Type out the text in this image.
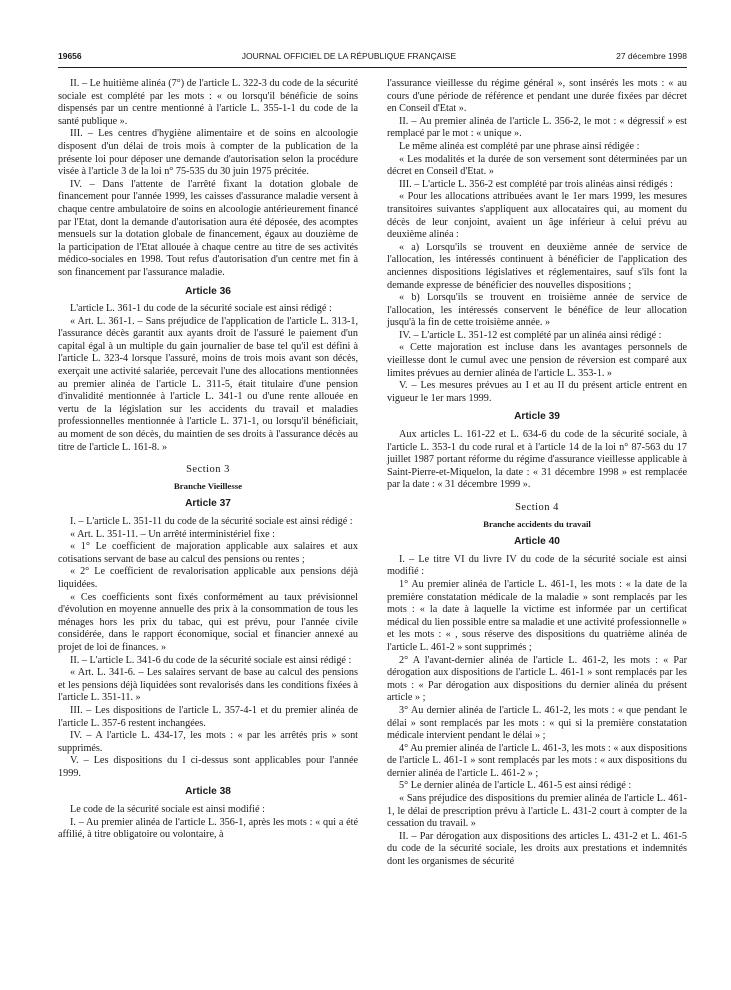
19656	JOURNAL OFFICIEL DE LA RÉPUBLIQUE FRANÇAISE	27 décembre 1998

II. – Le huitième alinéa (7°) de l'article L. 322-3 du code de la sécurité sociale est complété par les mots : « ou lorsqu'il bénéficie de soins dispensés par un centre mentionné à l'article L. 355-1-1 du code de la santé publique ».

III. – Les centres d'hygiène alimentaire et de soins en alcoologie disposent d'un délai de trois mois à compter de la publication de la présente loi pour déposer une demande d'autorisation selon la procédure visée à l'article 3 de la loi n° 75-535 du 30 juin 1975 précitée.

IV. – Dans l'attente de l'arrêté fixant la dotation globale de financement pour l'année 1999, les caisses d'assurance maladie versent à chaque centre ambulatoire de soins en alcoologie antérieurement financé par l'Etat, dont la demande d'autorisation aura été déposée, des acomptes mensuels sur la dotation globale de financement, égaux au douzième de la participation de l'Etat allouée à chaque centre au titre de ses activités médico-sociales en 1998. Tout refus d'autorisation d'un centre met fin à son financement par l'assurance maladie.

Article 36

L'article L. 361-1 du code de la sécurité sociale est ainsi rédigé :

« Art. L. 361-1. – Sans préjudice de l'application de l'article L. 313-1, l'assurance décès garantit aux ayants droit de l'assuré le paiement d'un capital égal à un multiple du gain journalier de base tel qu'il est défini à l'article L. 323-4 lorsque l'assuré, moins de trois mois avant son décès, exerçait une activité salariée, percevait l'une des allocations mentionnées au premier alinéa de l'article L. 311-5, était titulaire d'une pension d'invalidité mentionnée à l'article L. 341-1 ou d'une rente allouée en vertu de la législation sur les accidents du travail et maladies professionnelles mentionnée à l'article L. 371-1, ou lorsqu'il bénéficiait, au moment de son décès, du maintien de ses droits à l'assurance décès au titre de l'article L. 161-8. »

Section 3
Branche Vieillesse
Article 37

I. – L'article L. 351-11 du code de la sécurité sociale est ainsi rédigé :

« Art. L. 351-11. – Un arrêté interministériel fixe :

« 1° Le coefficient de majoration applicable aux salaires et aux cotisations servant de base au calcul des pensions ou rentes ;

« 2° Le coefficient de revalorisation applicable aux pensions déjà liquidées.

« Ces coefficients sont fixés conformément au taux prévisionnel d'évolution en moyenne annuelle des prix à la consommation de tous les ménages hors les prix du tabac, qui est prévu, pour l'année civile considérée, dans le rapport économique, social et financier annexé au projet de loi de finances. »

II. – L'article L. 341-6 du code de la sécurité sociale est ainsi rédigé :

« Art. L. 341-6. – Les salaires servant de base au calcul des pensions et les pensions déjà liquidées sont revalorisés dans les conditions fixées à l'article L. 351-11. »

III. – Les dispositions de l'article L. 357-4-1 et du premier alinéa de l'article L. 357-6 restent inchangées.

IV. – A l'article L. 434-17, les mots : « par les arrêtés pris » sont supprimés.

V. – Les dispositions du I ci-dessus sont applicables pour l'année 1999.

Article 38

Le code de la sécurité sociale est ainsi modifié :

I. – Au premier alinéa de l'article L. 356-1, après les mots : « qui a été affilié, à titre obligatoire ou volontaire, à

l'assurance vieillesse du régime général », sont insérés les mots : « au cours d'une période de référence et pendant une durée fixées par décret en Conseil d'Etat ».

II. – Au premier alinéa de l'article L. 356-2, le mot : « dégressif » est remplacé par le mot : « unique ».

Le même alinéa est complété par une phrase ainsi rédigée :

« Les modalités et la durée de son versement sont déterminées par un décret en Conseil d'Etat. »

III. – L'article L. 356-2 est complété par trois alinéas ainsi rédigés :

« Pour les allocations attribuées avant le 1er mars 1999, les mesures transitoires suivantes s'appliquent aux allocataires qui, au moment du décès de leur conjoint, avaient un âge inférieur à celui prévu au deuxième alinéa :

« a) Lorsqu'ils se trouvent en deuxième année de service de l'allocation, les intéressés continuent à bénéficier de l'application des anciennes dispositions législatives et réglementaires, sauf s'ils font la demande expresse de bénéficier des nouvelles dispositions ;

« b) Lorsqu'ils se trouvent en troisième année de service de l'allocation, les intéressés conservent le bénéfice de leur allocation jusqu'à la fin de cette troisième année. »

IV. – L'article L. 351-12 est complété par un alinéa ainsi rédigé :

« Cette majoration est incluse dans les avantages personnels de vieillesse dont le cumul avec une pension de réversion est comparé aux limites prévues au dernier alinéa de l'article L. 353-1. »

V. – Les mesures prévues au I et au II du présent article entrent en vigueur le 1er mars 1999.

Article 39

Aux articles L. 161-22 et L. 634-6 du code de la sécurité sociale, à l'article L. 353-1 du code rural et à l'article 14 de la loi n° 87-563 du 17 juillet 1987 portant réforme du régime d'assurance vieillesse applicable à Saint-Pierre-et-Miquelon, la date : « 31 décembre 1998 » est remplacée par la date : « 31 décembre 1999 ».

Section 4
Branche accidents du travail
Article 40

I. – Le titre VI du livre IV du code de la sécurité sociale est ainsi modifié :

1° Au premier alinéa de l'article L. 461-1, les mots : « la date de la première constatation médicale de la maladie » sont remplacés par les mots : « la date à laquelle la victime est informée par un certificat médical du lien possible entre sa maladie et une activité professionnelle » et les mots : « , sous réserve des dispositions du quatrième alinéa de l'article L. 461-2 » sont supprimés ;

2° A l'avant-dernier alinéa de l'article L. 461-2, les mots : « Par dérogation aux dispositions de l'article L. 461-1 » sont remplacés par les mots : « Par dérogation aux dispositions du dernier alinéa du présent article » ;

3° Au dernier alinéa de l'article L. 461-2, les mots : « que pendant le délai » sont remplacés par les mots : « qui si la première constatation médicale intervient pendant le délai » ;

4° Au premier alinéa de l'article L. 461-3, les mots : « aux dispositions de l'article L. 461-1 » sont remplacés par les mots : « aux dispositions du dernier alinéa de l'article L. 461-2 » ;

5° Le dernier alinéa de l'article L. 461-5 est ainsi rédigé :

« Sans préjudice des dispositions du premier alinéa de l'article L. 461-1, le délai de prescription prévu à l'article L. 431-2 court à compter de la cessation du travail. »

II. – Par dérogation aux dispositions des articles L. 431-2 et L. 461-5 du code de la sécurité sociale, les droits aux prestations et indemnités dont les organismes de sécurité
